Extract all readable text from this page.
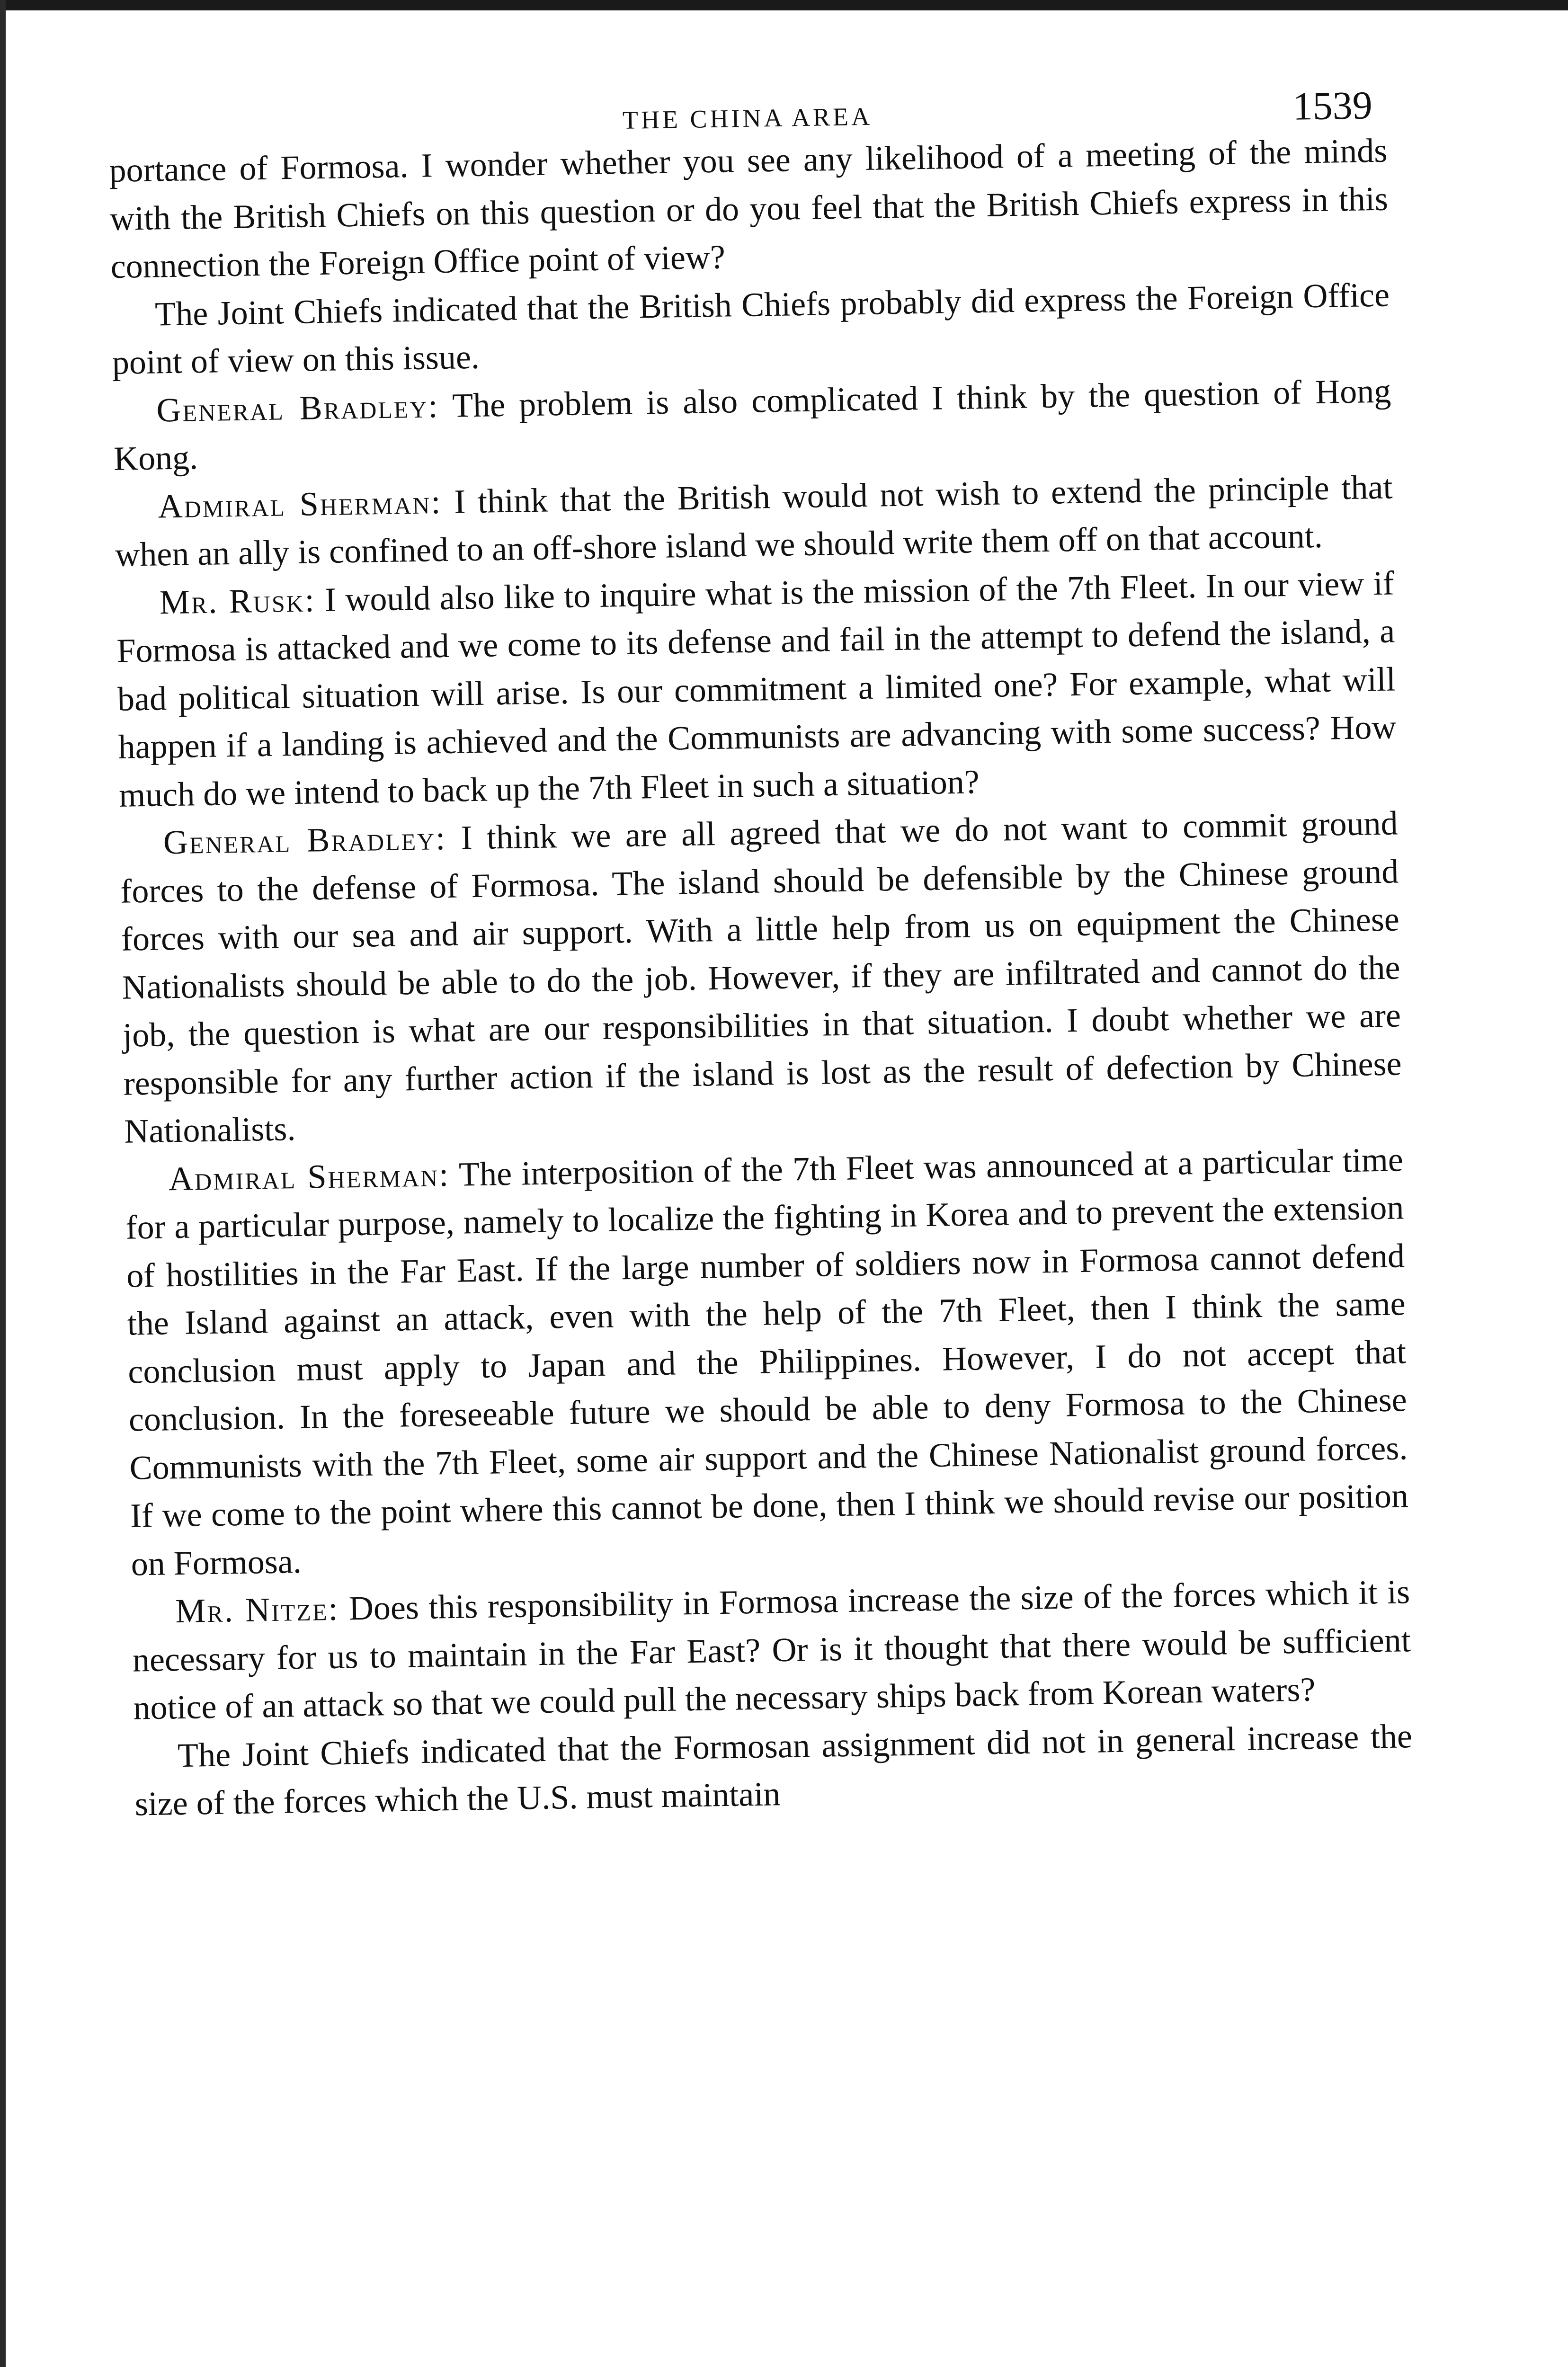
THE CHINA AREA	1539

portance of Formosa. I wonder whether you see any likelihood of a meeting of the minds with the British Chiefs on this question or do you feel that the British Chiefs express in this connection the Foreign Office point of view?

The Joint Chiefs indicated that the British Chiefs probably did express the Foreign Office point of view on this issue.

General Bradley: The problem is also complicated I think by the question of Hong Kong.

Admiral Sherman: I think that the British would not wish to extend the principle that when an ally is confined to an off-shore island we should write them off on that account.

Mr. Rusk: I would also like to inquire what is the mission of the 7th Fleet. In our view if Formosa is attacked and we come to its defense and fail in the attempt to defend the island, a bad political situation will arise. Is our commitment a limited one? For example, what will happen if a landing is achieved and the Communists are advancing with some success? How much do we intend to back up the 7th Fleet in such a situation?

General Bradley: I think we are all agreed that we do not want to commit ground forces to the defense of Formosa. The island should be defensible by the Chinese ground forces with our sea and air support. With a little help from us on equipment the Chinese Nationalists should be able to do the job. However, if they are infiltrated and cannot do the job, the question is what are our responsibilities in that situation. I doubt whether we are responsible for any further action if the island is lost as the result of defection by Chinese Nationalists.

Admiral Sherman: The interposition of the 7th Fleet was announced at a particular time for a particular purpose, namely to localize the fighting in Korea and to prevent the extension of hostilities in the Far East. If the large number of soldiers now in Formosa cannot defend the Island against an attack, even with the help of the 7th Fleet, then I think the same conclusion must apply to Japan and the Philippines. However, I do not accept that conclusion. In the foreseeable future we should be able to deny Formosa to the Chinese Communists with the 7th Fleet, some air support and the Chinese Nationalist ground forces. If we come to the point where this cannot be done, then I think we should revise our position on Formosa.

Mr. Nitze: Does this responsibility in Formosa increase the size of the forces which it is necessary for us to maintain in the Far East? Or is it thought that there would be sufficient notice of an attack so that we could pull the necessary ships back from Korean waters?

The Joint Chiefs indicated that the Formosan assignment did not in general increase the size of the forces which the U.S. must maintain
